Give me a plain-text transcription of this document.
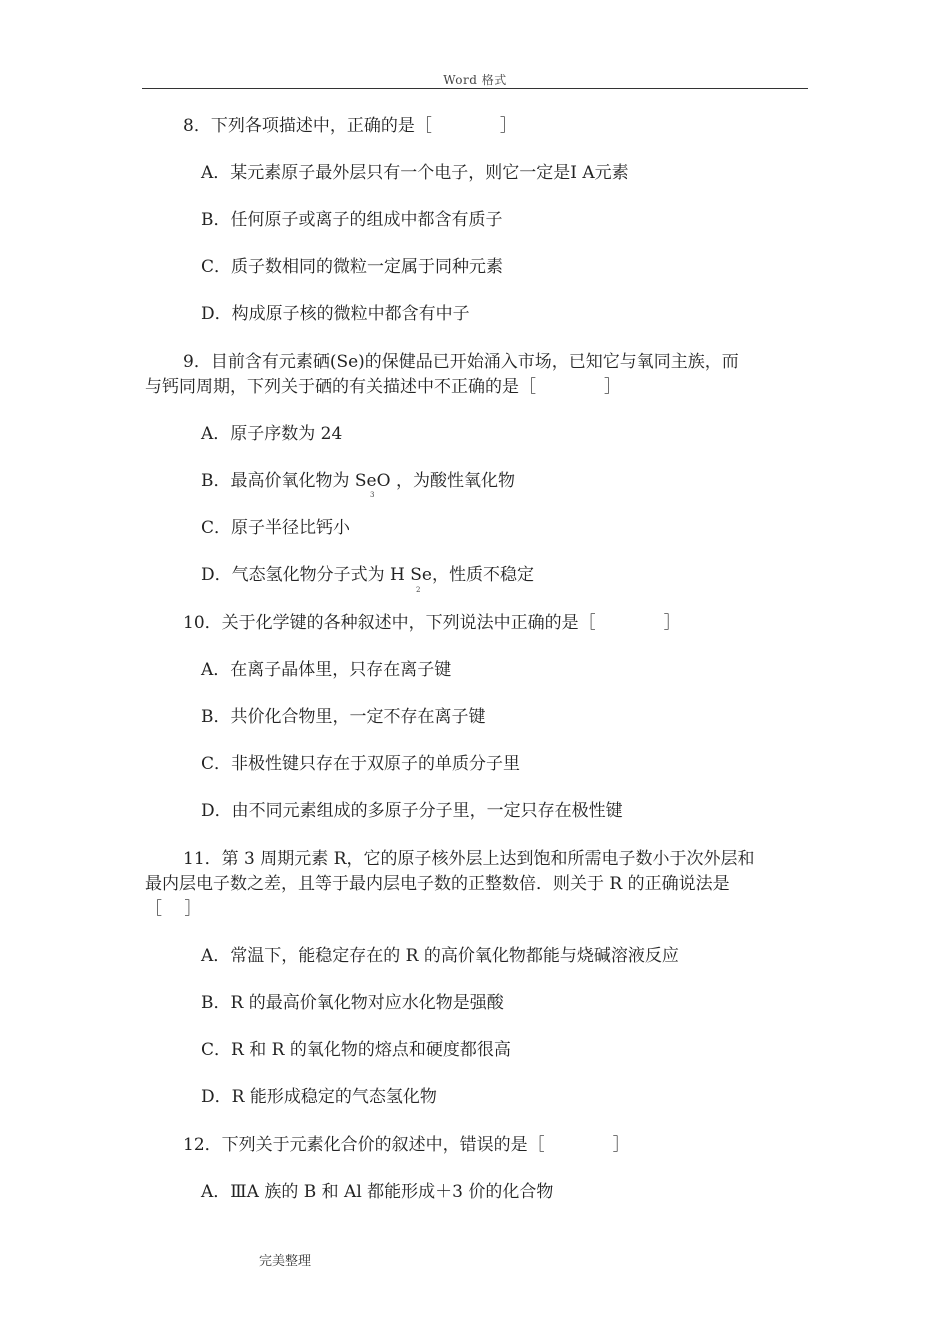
Word 格式
8．下列各项描述中，正确的是［　　　　］
A．某元素原子最外层只有一个电子，则它一定是Ⅰ A元素
B．任何原子或离子的组成中都含有质子
C．质子数相同的微粒一定属于同种元素
D．构成原子核的微粒中都含有中子
9．目前含有元素硒(Se)的保健品已开始涌入市场，已知它与氧同主族，而
与钙同周期，下列关于硒的有关描述中不正确的是［　　　　］
A．原子序数为 24
B．最高价氧化物为 SeO ，为酸性氧化物
3
C．原子半径比钙小
D．气态氢化物分子式为 H Se，性质不稳定
2
10．关于化学键的各种叙述中，下列说法中正确的是［　　　　］
A．在离子晶体里，只存在离子键
B．共价化合物里，一定不存在离子键
C．非极性键只存在于双原子的单质分子里
D．由不同元素组成的多原子分子里，一定只存在极性键
11．第 3 周期元素 R，它的原子核外层上达到饱和所需电子数小于次外层和
最内层电子数之差，且等于最内层电子数的正整数倍．则关于 R 的正确说法是
［　 ］
A．常温下，能稳定存在的 R 的高价氧化物都能与烧碱溶液反应
B．R 的最高价氧化物对应水化物是强酸
C．R 和 R 的氧化物的熔点和硬度都很高
D．R 能形成稳定的气态氢化物
12．下列关于元素化合价的叙述中，错误的是［　　　　］
A．ⅢA 族的 B 和 Al 都能形成＋3 价的化合物
完美整理
